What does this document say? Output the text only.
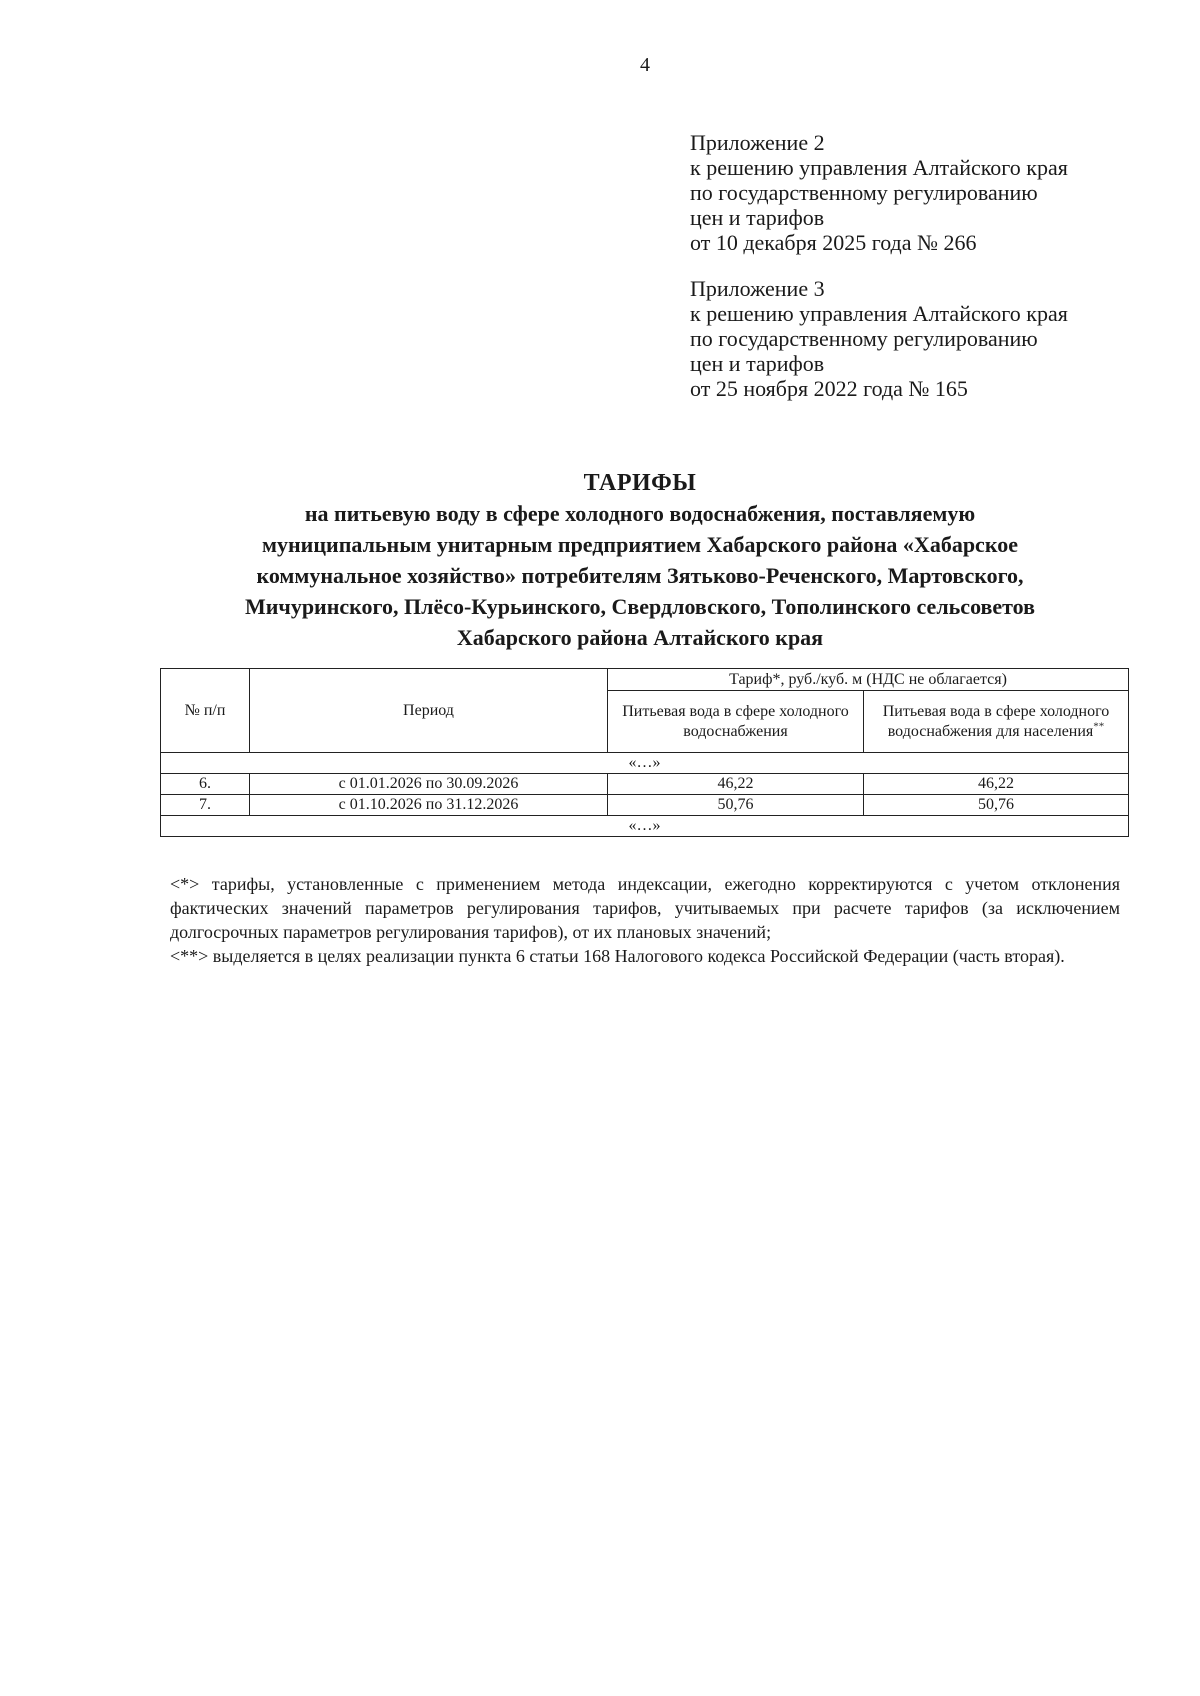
4
Приложение 2
к решению управления Алтайского края
по государственному регулированию
цен и тарифов
от 10 декабря 2025 года № 266
Приложение 3
к решению управления Алтайского края
по государственному регулированию
цен и тарифов
от 25 ноября 2022 года № 165
ТАРИФЫ
на питьевую воду в сфере холодного водоснабжения, поставляемую
муниципальным унитарным предприятием Хабарского района «Хабарское
коммунальное хозяйство» потребителям Зятьково-Реченского, Мартовского,
Мичуринского, Плёсо-Курьинского, Свердловского, Тополинского сельсоветов
Хабарского района Алтайского края
№ п/п	Период	Тариф*, руб./куб. м (НДС не облагается)	
		Питьевая вода в сфере холодного водоснабжения	Питьевая вода в сфере холодного водоснабжения для населения**
«…»			
6.	с 01.01.2026 по 30.09.2026	46,22	46,22
7.	с 01.10.2026 по 31.12.2026	50,76	50,76
«…»			

<*> тарифы, установленные с применением метода индексации, ежегодно корректируются с учетом отклонения фактических значений параметров регулирования тарифов, учитываемых при расчете тарифов (за исключением долгосрочных параметров регулирования тарифов), от их плановых значений;

<**> выделяется в целях реализации пункта 6 статьи 168 Налогового кодекса Российской Федерации (часть вторая).
